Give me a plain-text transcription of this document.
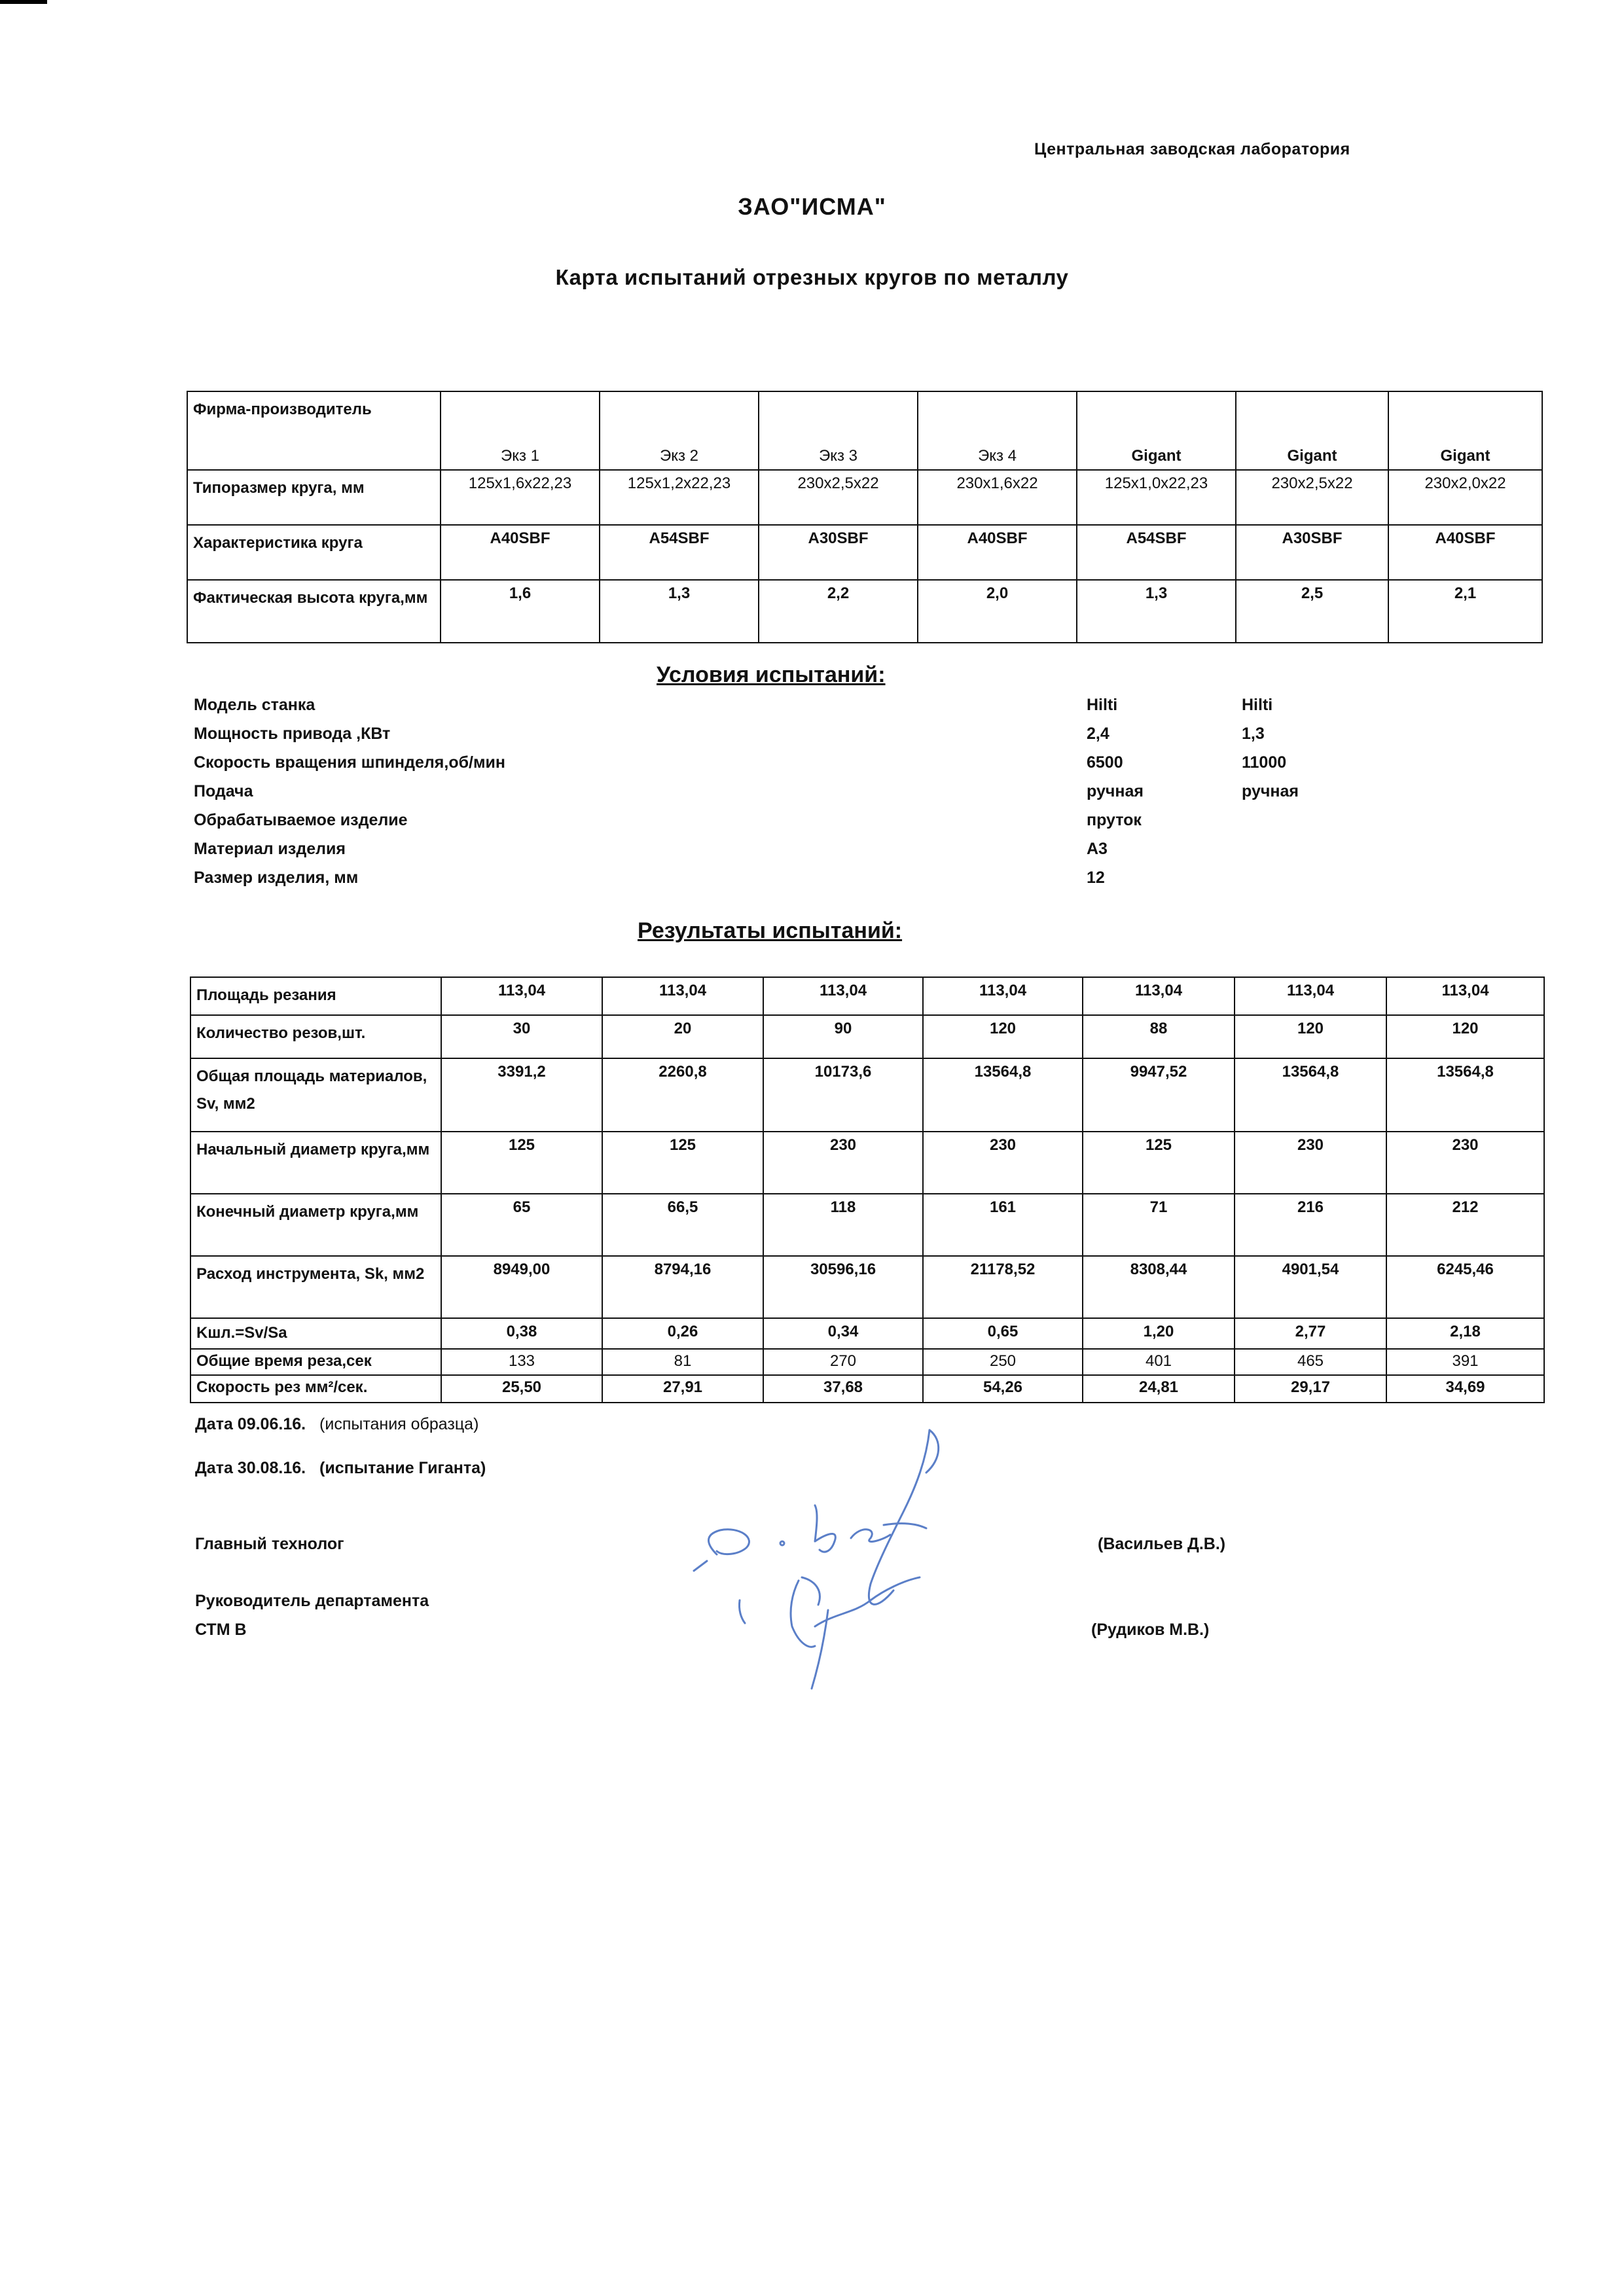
Центральная заводская лаборатория
ЗАО"ИСМА"
Карта испытаний отрезных кругов по металлу
Фирма-производитель	Экз 1	Экз 2	Экз 3	Экз 4	Gigant	Gigant	Gigant
Типоразмер круга, мм	125x1,6x22,23	125x1,2x22,23	230x2,5x22	230x1,6x22	125x1,0x22,23	230x2,5x22	230x2,0x22
Характеристика круга	A40SBF	A54SBF	A30SBF	A40SBF	A54SBF	A30SBF	A40SBF
Фактическая высота круга,мм	1,6	1,3	2,2	2,0	1,3	2,5	2,1
Условия испытаний:
Модель станка	Hilti	Hilti
Мощность привода ,КВт	2,4	1,3
Скорость вращения шпинделя,об/мин	6500	11000
Подача	ручная	ручная
Обрабатываемое изделие	пруток
Материал изделия	А3
Размер изделия, мм	12
Результаты испытаний:
Площадь резания	113,04	113,04	113,04	113,04	113,04	113,04	113,04
Количество резов,шт.	30	20	90	120	88	120	120
Общая площадь материалов, Sv, мм2	3391,2	2260,8	10173,6	13564,8	9947,52	13564,8	13564,8
Начальный диаметр круга,мм	125	125	230	230	125	230	230
Конечный диаметр круга,мм	65	66,5	118	161	71	216	212
Расход инструмента, Sk, мм2	8949,00	8794,16	30596,16	21178,52	8308,44	4901,54	6245,46
Kшл.=Sv/Sa	0,38	0,26	0,34	0,65	1,20	2,77	2,18
Общие время реза,сек	133	81	270	250	401	465	391
Скорость рез мм²/сек.	25,50	27,91	37,68	54,26	24,81	29,17	34,69
Дата 09.06.16. (испытания образца)
Дата 30.08.16. (испытание Гиганта)
Главный технолог	(Васильев Д.В.)
Руководитель департамента
СТМ В	(Рудиков М.В.)
